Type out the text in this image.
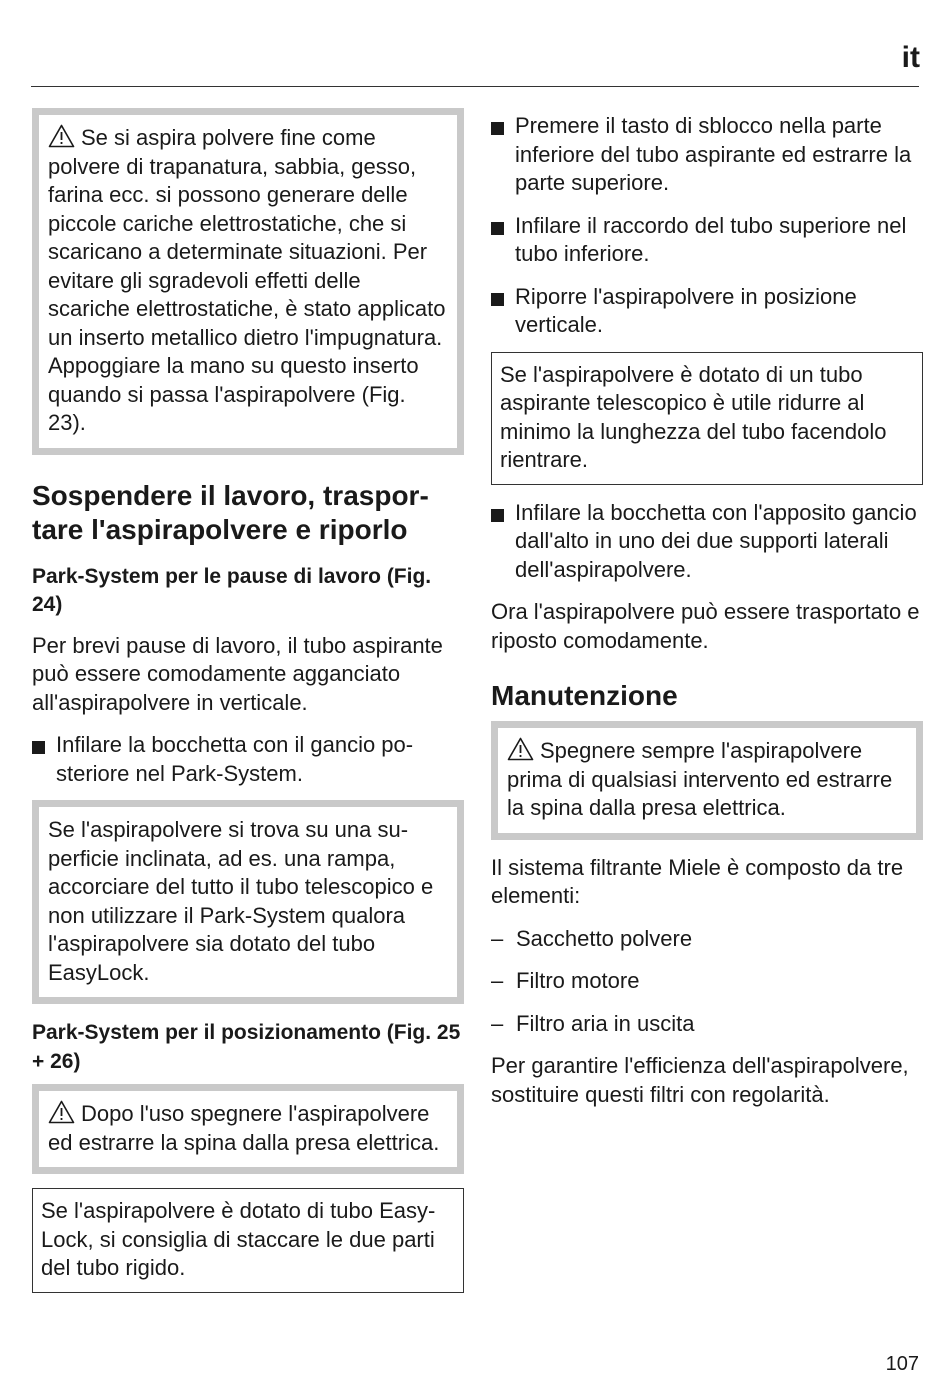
it

Se si aspira polvere fine come polvere di trapanatura, sabbia, gesso, farina ecc. si possono generare delle piccole cariche elettrostatiche, che si scaricano a determinate situazioni. Per evitare gli sgradevoli effetti delle scariche elettrostatiche, è stato applicato un inserto metallico dietro l'impugnatura. Appoggiare la mano su questo inserto quando si passa l'aspirapolvere (Fig. 23).

Sospendere il lavoro, trasportare l'aspirapolvere e riporlo
Park-System per le pause di lavoro (Fig. 24)

Per brevi pause di lavoro, il tubo aspirante può essere comodamente agganciato all'aspirapolvere in verticale.

Infilare la bocchetta con il gancio posteriore nel Park-System.

Se l'aspirapolvere si trova su una superficie inclinata, ad es. una rampa, accorciare del tutto il tubo telescopico e non utilizzare il Park-System qualora l'aspirapolvere sia dotato del tubo EasyLock.

Park-System per il posizionamento (Fig. 25 + 26)

Dopo l'uso spegnere l'aspirapolvere ed estrarre la spina dalla presa elettrica.

Se l'aspirapolvere è dotato di tubo Easy-Lock, si consiglia di staccare le due parti del tubo rigido.

Premere il tasto di sblocco nella parte inferiore del tubo aspirante ed estrarre la parte superiore.
Infilare il raccordo del tubo superiore nel tubo inferiore.
Riporre l'aspirapolvere in posizione verticale.

Se l'aspirapolvere è dotato di un tubo aspirante telescopico è utile ridurre al minimo la lunghezza del tubo facendolo rientrare.

Infilare la bocchetta con l'apposito gancio dall'alto in uno dei due supporti laterali dell'aspirapolvere.

Ora l'aspirapolvere può essere trasportato e riposto comodamente.

Manutenzione

Spegnere sempre l'aspirapolvere prima di qualsiasi intervento ed estrarre la spina dalla presa elettrica.

Il sistema filtrante Miele è composto da tre elementi:

– Sacchetto polvere
– Filtro motore
– Filtro aria in uscita

Per garantire l'efficienza dell'aspirapolvere, sostituire questi filtri con regolarità.

107
